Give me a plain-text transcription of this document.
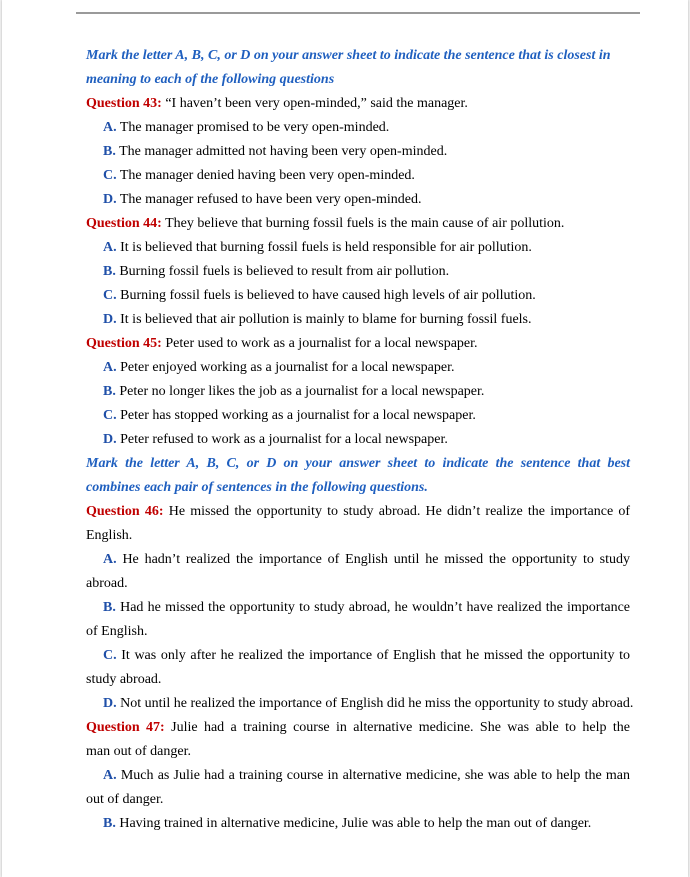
Mark the letter A, B, C, or D on your answer sheet to indicate the sentence that is closest in
meaning to each of the following questions
Question 43: “I haven’t been very open-minded,” said the manager.
A. The manager promised to be very open-minded.
B. The manager admitted not having been very open-minded.
C. The manager denied having been very open-minded.
D. The manager refused to have been very open-minded.
Question 44: They believe that burning fossil fuels is the main cause of air pollution.
A. It is believed that burning fossil fuels is held responsible for air pollution.
B. Burning fossil fuels is believed to result from air pollution.
C. Burning fossil fuels is believed to have caused high levels of air pollution.
D. It is believed that air pollution is mainly to blame for burning fossil fuels.
Question 45: Peter used to work as a journalist for a local newspaper.
A. Peter enjoyed working as a journalist for a local newspaper.
B. Peter no longer likes the job as a journalist for a local newspaper.
C. Peter has stopped working as a journalist for a local newspaper.
D. Peter refused to work as a journalist for a local newspaper.
Mark the letter A, B, C, or D on your answer sheet to indicate the sentence that best
combines each pair of sentences in the following questions.
Question 46: He missed the opportunity to study abroad. He didn’t realize the importance of
English.
A. He hadn’t realized the importance of English until he missed the opportunity to study
abroad.
B. Had he missed the opportunity to study abroad, he wouldn’t have realized the importance
of English.
C. It was only after he realized the importance of English that he missed the opportunity to
study abroad.
D. Not until he realized the importance of English did he miss the opportunity to study abroad.
Question 47: Julie had a training course in alternative medicine. She was able to help the
man out of danger.
A. Much as Julie had a training course in alternative medicine, she was able to help the man
out of danger.
B. Having trained in alternative medicine, Julie was able to help the man out of danger.
